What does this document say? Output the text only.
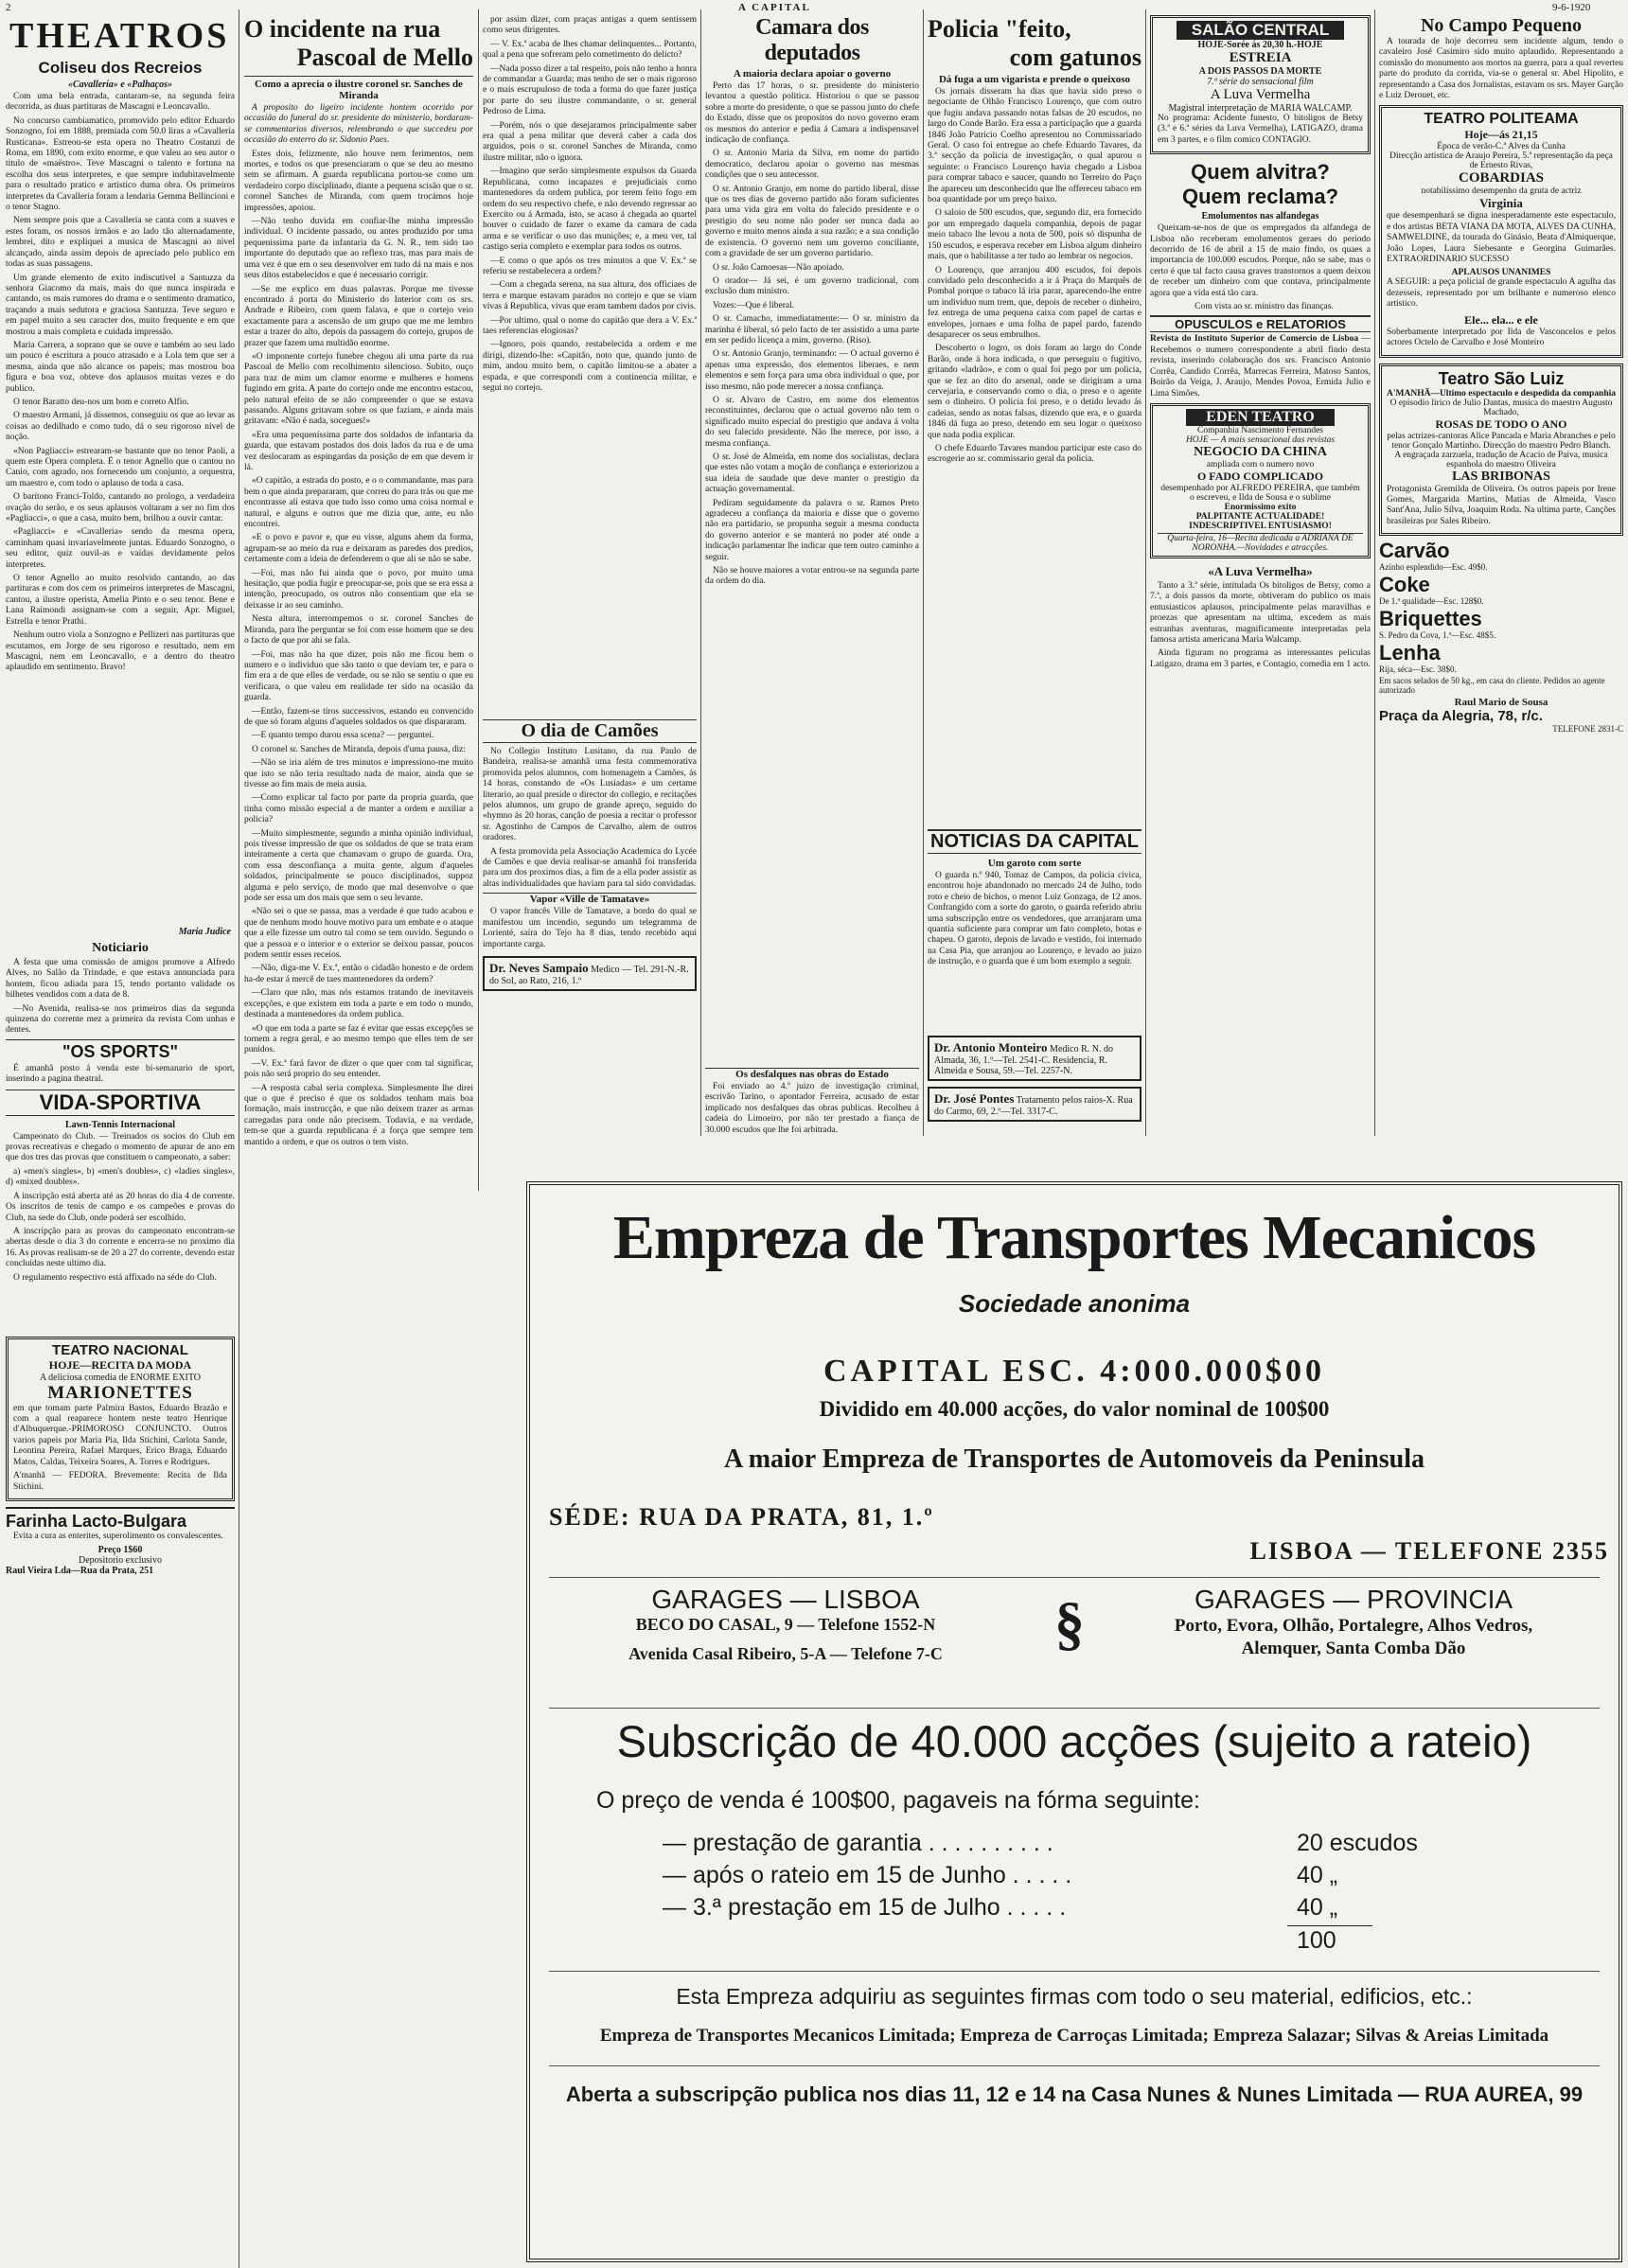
2	A CAPITAL	9-6-1920
THEATROS
Coliseu dos Recreios
«Cavallería» e «Palhaços»

Com uma bela entrada, cantaram-se, na segunda feira decorrida, as duas partituras de Mascagni e Leoncavallo.

No concurso cambiamatico, promovido pelo editor Eduardo Sonzogno, foi em 1888, premiada com 50.0 liras a «Cavalleria Rusticana». Estreou-se esta opera no Theatro Costanzi de Roma, em 1890, com exito enorme, e que valeu ao seu autor o titulo de «maëstro». Teve Mascagni o talento e fortuna na escolha dos seus interpretes, e que sempre indubitavelmente para o resultado pratico e artistico duma obra. Os primeiros interpretes da Cavalleria foram a lendaria Gemma Bellincioni e o tenor Stagno.

Nem sempre pois que a Cavalleria se canta com a suaves e estes foram, os nossos irmãos e ao lado tão alternadamente, lembrei, dito e expliquei a musica de Mascagni ao nivel alcançado, ainda assim depois de apreciado pelo publico em todas as suas passagens.

Um grande elemento de exito indiscutivel a Santuzza da senhora Giacomo da mais, mais do que nunca inspirada e cantando, os mais rumores do drama e o sentimento dramatico, traçando a mais sedutora e graciosa Santuzza. Teve seguro e em papel muito a seu caracter dos, muito frequente e em que mostrou a mais completa e cuidada impressão.

Maria Carrera, a soprano que se ouve e também ao seu lado um pouco é escritura a pouco atrasado e a Lola tem que ser a mesma, ainda que não alcance os papeis; mas mostrou boa figura e boa voz, obteve dos aplausos muitas vezes e do publico.

O tenor Baratto deu-nos um bom e correto Alfio.

O maestro Armani, já dissemos, conseguiu os que ao levar as coisas ao dedilhado e como tudo, dá o seu rigoroso nivel de noção.

«Non Pagliacci» estrearam-se bastante que no tenor Paoli, a quem este Opera completa. É o tenor Agnello que o cantou no Canio, com agrado, nos fornecendo um conjunto, a orquestra, um maestro e, com todo o aplauso de toda a casa.

O barítono Franci-Toldo, cantando no prologo, a verdadeira ovação do serão, e os seus aplausos voltaram a ser no fim dos «Pagliacci», o que a casa, muito bem, brilhou a ouvir cantar.

«Pagliacci» e «Cavalleria» sendo da mesma opera, caminham quasi invariavelmente juntas. Eduardo Sonzogno, o seu editor, quiz ouvil-as e vaidas devidamente pelos interpretes.

O tenor Agnello ao muito resolvido cantando, ao das partituras e com dos cem os primeiros interpretes de Mascagni, cantou, a ilustre operista, Amelia Pinto e o seu tenor. Bene e Lana Raimondi assignam-se com a seguir, Apr. Miguel, Estrella e tenor Prathi.

Nenhum outro viola a Sonzogno e Pellizeri nas partituras que escutamos, em Jorge de seu rigoroso e resultado, nem em Mascagni, nem em Leoncavallo, e a dentro do theatro aplaudido em sentimento. Bravo!

Maria Judice
Noticiario

A festa que uma comissão de amigos promove a Alfredo Alves, no Salão da Trindade, e que estava annunciada para hontem, ficou adiada para 15, tendo portanto validade os bilhetes vendidos com a data de 8.

—No Avenida, realisa-se nos primeiros dias da segunda quinzena do corrente mez a primeira da revista Com unhas e dentes.

"OS SPORTS"

É amanhã posto á venda este bi-semanario de sport, inserindo a pagina theatral.

VIDA-SPORTIVA
Lawn-Tennis Internacional

Campeonato do Club. — Treinados os socios do Club em provas recreativas e chegado o momento de apurar de ano em que dos tres das provas que constituem o campeonato, a saber:

a) «men's singles», b) «men's doubles», c) «ladies singles», d) «mixed doubles».

A inscripção está aberta até as 20 horas do dia 4 de corrente. Os inscritos de tenis de campo e os campeões e provas do Club, na sede do Club, onde poderá ser escolhido.

A inscripção para as provas do campeonato encontram-se abertas desde o dia 3 do corrente e encerra-se no proximo dia 16. As provas realisam-se de 20 a 27 do corrente, devendo estar concluidas neste ultimo dia.

O regulamento respectivo está affixado na séde do Club.

TEATRO NACIONAL
HOJE—RECITA DA MODA
A deliciosa comedia de ENORME EXITO
MARIONETTES

em que tomam parte Palmira Bastos, Eduardo Brazão e com a qual reaparece hontem neste teatro Henrique d'Albuquerque.-PRIMOROSO CONJUNCTO. Outros varios papeis por Maria Pia, Ilda Stichini, Carlota Sande, Leontina Pereira, Rafael Marques, Erico Braga, Eduardo Matos, Caldas, Teixeira Soares, A. Torres e Rodrigues.

A'manhã — FEDORA. Brevemente: Recita de Ilda Stichini.

Farinha Lacto-Bulgara

Evita a cura as enterites, superolimento os convalescentes.

Preço 1$60
Depositorio exclusivo
Raul Vieira Lda—Rua da Prata, 251
O incidente na rua
Pascoal de Mello
Como a aprecia o ilustre coronel sr. Sanches de Miranda

A proposito do ligeiro incidente hontem ocorrido por occasião do funeral do sr. presidente do ministerio, bordaram-se commentarios diversos, relembrando o que succedeu por occasião do enterro do sr. Sidonio Paes.

Estes dois, felizmente, não houve nem ferimentos, nem mortes, e todos os que presenciaram o que se deu ao mesmo sem se afirmam. A guarda republicana portou-se como um verdadeiro corpo disciplinado, diante a pequena scisão que o sr. coronel Sanches de Miranda, com quem trocámos hoje impressões, apoiou.

—Não tenho duvida em confiar-lhe minha impressão individual. O incidente passado, ou antes produzido por uma pequenissima parte da infantaria da G. N. R., tem sido tao importante do deputado que ao reflexo tras, mas para mais de uma vez é que em o seu desenvolver em tudo dá na mais e nos seus ditos estabelecidos e que é necessario corrigir.

—Se me explico em duas palavras. Porque me tivesse encontrado á porta do Ministerio do Interior com os srs. Andrade e Ribeiro, com quem falava, e que o cortejo veio exactamente para a ascensão de um grupo que me me lembro estar a trazer do alto, depois da passagem do cortejo, grupos de prazer que fazem uma multidão enorme.

«O imponente cortejo funebre chegou ali uma parte da rua Pascoal de Mello com recolhimento silencioso. Subito, ouço para traz de mim um clamor enorme e mulheres e homens fugindo em grita. A parte do cortejo onde me encontro estacou, pelo natural efeito de se não compreender o que se estava passando. Alguns gritavam sobre os que faziam, e ainda mais gritavam: «Não é nada, socegues!»

«Era uma pequeníssima parte dos soldados de infantaria da guarda, que estavam postados dos dois lados da rua e de uma vez deslocaram as espingardas da posição de em que devem ir lá.

«O capitão, a estrada do posto, e o o commandante, mas para bem o que ainda prepararam, que correu do para trás ou que me encontrasse ali estava que tudo isso como uma coisa normal e natural, e alguns e outros que me dizia que, ante, eu não encontrei.

«E o povo e pavor e, que eu visse, alguns ahem da forma, agrupam-se ao meio da rua e deixaram as paredes dos predios, certamente com a ideia de defenderem o que ali se não se sabe.

—Foi, mas não fui ainda que o povo, por muito uma hesitação, que podia fugir e preocupar-se, pois que se era essa a intenção, preocupado, os outros não consentiam que ela se deixasse ir ao seu caminho.

Nesta altura, interrompemos o sr. coronel Sanches de Miranda, para lhe perguntar se foi com esse homem que se deu o facto de que por ahi se fala.

—Foi, mas não ha que dizer, pois não me ficou bem o numero e o individuo que são tanto o que deviam ter, e para o fim era a de que elles de verdade, ou se não se sentiu o que eu verificara, o que valeu em realidade ter sido na ocasião da guarda.

—Então, fazem-se tiros successivos, estando eu convencido de que só foram alguns d'aqueles soldados os que dispararam.

—E quanto tempo durou essa scena? — perguntei.

O coronel sr. Sanches de Miranda, depois d'uma pausa, diz:

—Não se iria além de tres minutos e impressiono-me muito que isto se não teria resultado nada de maior, ainda que se tivesse ao fim mais de meia ausia.

—Como explicar tal facto por parte da propria guarda, que tinha como missão especial a de manter a ordem e auxiliar a policia?

—Muito simplesmente, segundo a minha opinião individual, pois tivesse impressão de que os soldados de que se trata eram inteiramente a certa que chamavam o grupo de guarda. Ora, com essa desconfiança a muita gente, algum d'aqueles soldados, principalmente se pouco disciplinados, suppoz alguma e pelo serviço, de modo que mal desenvolve o que pode ser essa um dos mais que sem o seu levante.

«Não sei o que se passa, mas a verdade é que tudo acabou e que de nenhum modo houve motivo para um embate e o ataque que a elle fizesse um outro tal como se tem ouvido. Segundo o que a pessoa e o interior e o exterior se deixou passar, poucos podem sentir esses receios.

—Não, diga-me V. Ex.ª, então o cidadão honesto e de ordem ha-de estar á mercê de taes mantenedores da ordem?

—Claro que não, mas nós estamos tratando de inevitaveis excepções, e que existem em toda a parte e em todo o mundo, destinada a mantenedores da ordem publica.

«O que em toda a parte se faz é evitar que essas excepções se tornem a regra geral, e ao mesmo tempo que elles tem de ser punidos.

—V. Ex.ª fará favor de dizer o que quer com tal significar, pois não será proprio do seu entender.

—A resposta cabal seria complexa. Simplesmente lhe direi que o que é preciso é que os soldados tenham mais boa formação, mais instrucção, e que não deixem trazer as armas carregadas para onde não precisem. Todavia, e na verdade, tem-se que a guarda republicana é a força que sempre tem mantido a ordem, e que os outros o tem visto.

por assim dizer, com praças antigas a quem sentissem como seus dirigentes.

— V. Ex.ª acaba de lhes chamar delinquentes... Portanto, qual a pena que sofreram pelo cometimento do delicto?

—Nada posso dizer a tal respeito, pois não tenho a honra de commandar a Guarda; mas tenho de ser o mais rigoroso e o mais escrupuloso de toda a forma do que fazer justiça por parte do seu ilustre commandante, o sr. general Pedroso de Lima.

—Porém, nós o que desejaramos principalmente saber era qual a pena militar que deverá caber a cada dos arguidos, pois o sr. coronel Sanches de Miranda, como ilustre militar, não o ignora.

—Imagino que serão simplesmente expulsos da Guarda Republicana, como incapazes e prejudiciais como mantenedores da ordem publica, por terem feito fogo em ordem do seu respectivo chefe, e não devendo regressar ao Exercito ou á Armada, isto, se acaso á chegada ao quartel houver o cuidado de fazer o exame da camara de cada arma e se verificar o uso das munições; e, a meu ver, tal castigo seria completo e exemplar para todos os outros.

—E como o que após os tres minutos a que V. Ex.ª se referiu se restabelecera a ordem?

—Com a chegada serena, na sua altura, dos officiaes de terra e marque estavam parados no cortejo e que se viam vivas á Republica, vivas que eram tambem dados por civis.

—Por ultimo, qual o nome do capitão que dera a V. Ex.ª taes referencias elogiosas?

—Ignoro, pois quando, restabelecida a ordem e me dirigi, dizendo-lhe: «Capitão, noto que, quando junto de mim, andou muito bem, o capitão limitou-se a abater a espada, e que correspondi com a continencia militar, e segui no cortejo.

O dia de Camões

No Collegio Instituto Lusitano, da rua Paulo de Bandeira, realisa-se amanhã uma festa commemorativa promovida pelos alumnos, com homenagem a Camões, ás 14 horas, constando de «Os Lusiadas» e um certame literario, ao qual preside o director do collegio, e recitações pelos alumnos, um grupo de grande apreço, seguido do «hymno ás 20 horas, canção de poesia a recitar o professor sr. Agostinho de Campos de Carvalho, alem de outros oradores.

A festa promovida pela Associação Academica do Lycée de Camões e que devia realisar-se amanhã foi transferida para um dos proximos dias, a fim de a ella poder assistir as altas individualidades que haviam para tal sido convidadas.

Vapor «Ville de Tamatave»

O vapor francês Ville de Tamatave, a bordo do qual se manifestou um incendio, segundo um telegramma de Lorienté, saíra do Tejo ha 8 dias, tendo recebido aqui importante carga.

Dr. Neves Sampaio Medico — Tel. 291-N.-R. do Sol, ao Rato, 216, 1.º
Camara dos deputados
A maioria declara apoiar o governo

Perto das 17 horas, o sr. presidente do ministerio levantou a questão politica. Historiou o que se passou sobre a morte do presidente, o que se passou junto do chefe do Estado, disse que os propositos do novo governo eram os mesmos do anterior e pedia á Camara a indispensavel indicação de confiança.

O sr. Antonio Maria da Silva, em nome do partido democratico, declarou apoiar o governo nas mesmas condições que o seu antecessor.

O sr. Antonio Granjo, em nome do partido liberal, disse que os tres dias de governo partido não foram suficientes para uma vida gira em volta do falecido presidente e o prestigio do seu nome não poder ser nunca dada ao governo e muito menos ainda a sua razão; e a sua condição de existencia. O governo nem um governo conciliante, com a gravidade de ser um governo partidario.

O sr. João Camoesas—Não apoiado.

O orador— Já sei, é um governo tradicional, com exclusão dum ministro.

Vozes:—Que é liberal.

O sr. Camacho, immediatamente:— O sr. ministro da marinha é liberal, só pelo facto de ter assistido a uma parte em ser pedido licença a mim, governo. (Riso).

O sr. Antonio Granjo, terminando: — O actual governo é apenas uma expressão, dos elementos liberaes, e nem elementos e sem força para uma obra individual o que, por isso mesmo, não pode merecer a nossa confiança.

O sr. Alvaro de Castro, em nome dos elementos reconstituintes, declarou que o actual governo não tem o significado muito especial do prestigio que andava á volta do seu falecido presidente. Não lhe merece, por isso, a mesma confiança.

O sr. José de Almeida, em nome dos socialistas, declara que estes não votam a moção de confiança e exteriorizou a sua ideia de saudade que deve manter o prestigio da actuação governamental.

Pediram seguidamente da palavra o sr. Ramos Preto agradeceu a confiança da maioria e disse que o governo não era partidario, se propunha seguir a mesma conducta do governo anterior e se manterá no poder até onde a indicação parlamentar lhe indicar que tem outro caminho a seguir.

Não se houve maiores a votar entrou-se na segunda parte da ordem do dia.

Os desfalques nas obras do Estado

Foi enviado ao 4.º juizo de investigação criminal, escrivão Tarino, o apontador Ferreira, acusado de estar implicado nos desfalques das obras publicas. Recolheu á cadeia do Limoeiro, por não ter prestado a fiança de 30.000 escudos que lhe foi arbitrada.

Policia "feito,
com gatunos
Dá fuga a um vigarista e prende o queixoso

Os jornais disseram ha dias que havia sido preso o negociante de Olhão Francisco Lourenço, que com outro que fugiu andava passando notas falsas de 20 escudos, no largo do Conde Barão. Era essa a participação que a guarda 1846 João Patricio Coelho apresentou no Commissariado Geral. O caso foi entregue ao chefe Eduardo Tavares, da 3.ª secção da policia de investigação, o qual apurou o seguinte: o Francisco Lourenço havia chegado a Lisboa para comprar tabaco e saucer, quando no Terreiro do Paço lhe apareceu um desconhecido que lhe offereceu tabaco em boa quantidade por um preço baixo.

O saloio de 500 escudos, que, segundo diz, era fornecido por um empregado daquela companhia, depois de pagar meio tabaco lhe levou a nota de 500, pois só dispunha de 150 escudos, e esperava receber em Lisboa algum dinheiro mais, que o habilitasse a ter tudo ao lembrar os negocios.

O Lourenço, que arranjou 400 escudos, foi depois convidado pelo desconhecido a ir á Praça do Marquês de Pombal porque o tabaco lá iria parar, aparecendo-lhe entre um individuo num trem, que, depois de receber o dinheiro, fez entrega de uma pequena caixa com papel de cartas e envelopes, jornaes e uma folha de papel pardo, fazendo desaparecer os seus embrulhos.

Descoberto o logro, os dois foram ao largo do Conde Barão, onde á hora indicada, o que perseguiu o fugitivo, gritando «ladrão», e com o qual foi pego por um policia, que se fez ao dito do arsenal, onde se dirigiram a uma cervejaria, e conservando como o dia, o preso e o agente sem o dinheiro. O policia foi preso, e o detido levado ás cadeias, sendo as notas falsas, dizendo que era, e o guarda 1846 dá fuga ao preso, detendo em seu logar o queixoso que nada podia explicar.

O chefe Eduardo Tavares mandou participar este caso do escrogerie ao sr. commissario geral da policia.

NOTICIAS DA CAPITAL
Um garoto com sorte

O guarda n.º 940, Tomaz de Campos, da policia civica, encontrou hoje abandonado no mercado 24 de Julho, todo roto e cheio de bichos, o menor Luiz Gonzaga, de 12 anos. Confrangido com a sorte do garoto, o guarda referido abriu uma subscripção entre os vendedores, que arranjaram uma quantia suficiente para comprar um fato completo, botas e chapeu. O garoto, depois de lavado e vestido, foi internado na Casa Pia, que arranjou ao Lourenço, e levado ao juizo de instrução, e o guarda que é um bom exemplo a seguir.

Dr. Antonio Monteiro Medico R. N. do Almada, 36, 1.º—Tel. 2541-C. Residencia, R. Almeida e Sousa, 59.—Tel. 2257-N.
Dr. José Pontes Tratamento pelos raios-X. Rua do Carmo, 69, 2.º—Tel. 3317-C.
SALÃO CENTRAL
HOJE-Sorée ás 20,30 h.-HOJE
ESTREIA
A DOIS PASSOS DA MORTE
7.ª série do sensacional film
A Luva Vermelha
Magistral interpretação de MARIA WALCAMP.

No programa: Acidente funesto, O bitoligos de Betsy (3.ª e 6.ª séries da Luva Vermelha), LATIGAZO, drama em 3 partes, e o film comico CONTAGIO.

Quem alvitra?
Quem reclama?
Emolumentos nas alfandegas

Queixam-se-nos de que os empregados da alfandega de Lisboa não receberam emolumentos geraes do periodo decorrido de 16 de abril a 15 de maio findo, os quaes a importancia de 100.000 escudos. Porque, não se sabe, mas o certo é que tal facto causa graves transtornos a quem deixou de receber um dinheiro com que contava, principalmente agora que a vida está tão cara.

Com vista ao sr. ministro das finanças.

OPUSCULOS e RELATORIOS

Revista do Instituto Superior de Comercio de Lisboa — Recebemos o numero correspondente a abril findo desta revista, inserindo colaboração dos srs. Francisco Antonio Corrêa, Candido Corrêa, Marrecas Ferreira, Matoso Santos, Boirão da Veiga, J. Araujo, Mendes Povoa, Ermida Julio e Lima Simões.

EDEN TEATRO
Companhia Nascimento Fernandes
HOJE — A mais sensacional das revistas
NEGOCIO DA CHINA
ampliada com o numero novo
O FADO COMPLICADO
desempenhado por ALFREDO PEREIRA, que também o escreveu, e Ilda de Sousa e o sublime
Enormissimo exito
PALPITANTE ACTUALIDADE! INDESCRIPTIVEL ENTUSIASMO!
Quarta-feira, 16—Recita dedicada a ADRIANA DE NORONHA.—Novidades e atracções.
«A Luva Vermelha»

Tanto a 3.ª série, intitulada Os bitoligos de Betsy, como a 7.ª, a dois passos da morte, obtiveram do publico os mais entusiasticos aplausos, principalmente pelas maravilhas e proezas que apresentam na ultima, excedem as mais estranhas aventuras, magnificamente interpretadas pela famosa artista americana Maria Walcamp.

Ainda figuram no programa as interessantes peliculas Latigazo, drama em 3 partes, e Contagio, comedia em 1 acto.

No Campo Pequeno

A tourada de hoje decorreu sem incidente algum, tendo o cavaleiro José Casimiro sido muito aplaudido. Representando a comissão do monumento aos mortos na guerra, para a qual reverteu parte do produto da corrida, via-se o general sr. Abel Hipolito, e representando a Casa dos Jornalistas, estavam os srs. Mayer Garção e Luiz Derouet, etc.

TEATRO POLITEAMA
Hoje—ás 21,15
Época de verão-C.ª Alves da Cunha
Direcção artistica de Araujo Pereira, 5.ª representação da peça de Ernesto Rivas,
COBARDIAS
notabilíssimo desempenho da gruta de actriz
Virginia

que desempenhará se digna inesperadamente este espectaculo, e dos artistas BETA VIANA DA MOTA, ALVES DA CUNHA, SAMWELDINE, da tourada do Ginásio, Beata d'Almiquerque, João Lopes, Laura Siebesante e Georgina Guimarães. EXTRAORDINARIO SUCESSO

APLAUSOS UNANIMES

A SEGUIR: a peça policial de grande espectaculo A agulha das dezesseis, representado por um brilhante e numeroso elenco artistico.

Ele... ela... e ele

Soberbamente interpretado por Ilda de Vasconcelos e pelos actores Octelo de Carvalho e José Monteiro

Teatro São Luiz
A'MANHÃ—Ultimo espectaculo e despedida da companhia
O episodio lirico de Julio Dantas, musica do maestro Augusto Machado,
ROSAS DE TODO O ANO
pelas actrizes-cantoras Alice Pancada e Maria Abranches e pelo tenor Gonçalo Martinho. Direcção do maestro Pedro Blanch.
A engraçada zarzuela, tradução de Acacio de Paiva, musica espanhola do maestro Oliveira
LAS BRIBONAS

Protagonista Gremilda de Oliveira. Os outros papeis por Irene Gomes, Margarida Martins, Matias de Almeida, Vasco Sant'Ana, Julio Silva, Joaquim Roda. Na ultima parte, Canções brasileiras por Sales Ribeiro.

Carvão
Azinho esplendido—Esc. 49$0.
Coke
De 1.ª qualidade—Esc. 128$0.
Briquettes
S. Pedro da Cova, 1.ª—Esc. 48$5.
Lenha
Rija, séca—Esc. 38$0.
Em sacos selados de 50 kg., em casa do cliente. Pedidos ao agente autorizado
Raul Mario de Sousa
Praça da Alegria, 78, r/c.
TELEFONE 2831-C
Empreza de Transportes Mecanicos
Sociedade anonima
CAPITAL ESC. 4:000.000$00
Dividido em 40.000 acções, do valor nominal de 100$00
A maior Empreza de Transportes de Automoveis da Peninsula
SÉDE: RUA DA PRATA, 81, 1.º
LISBOA — TELEFONE 2355
GARAGES — LISBOA
BECO DO CASAL, 9 — Telefone 1552-N
Avenida Casal Ribeiro, 5-A — Telefone 7-C	§	GARAGES — PROVINCIA
Porto, Evora, Olhão, Portalegre, Alhos Vedros, Alemquer, Santa Comba Dão
Subscrição de 40.000 acções (sujeito a rateio)
O preço de venda é 100$00, pagaveis na fórma seguinte:
— prestação de garantia . . . . . . . . . .	20 escudos
— após o rateio em 15 de Junho . . . . .	40 „
— 3.ª prestação em 15 de Julho . . . . .	40 „
100
Esta Empreza adquiriu as seguintes firmas com todo o seu material, edificios, etc.:
Empreza de Transportes Mecanicos Limitada; Empreza de Carroças Limitada; Empreza Salazar; Silvas & Areias Limitada
Aberta a subscripção publica nos dias 11, 12 e 14 na Casa Nunes & Nunes Limitada — RUA AUREA, 99
